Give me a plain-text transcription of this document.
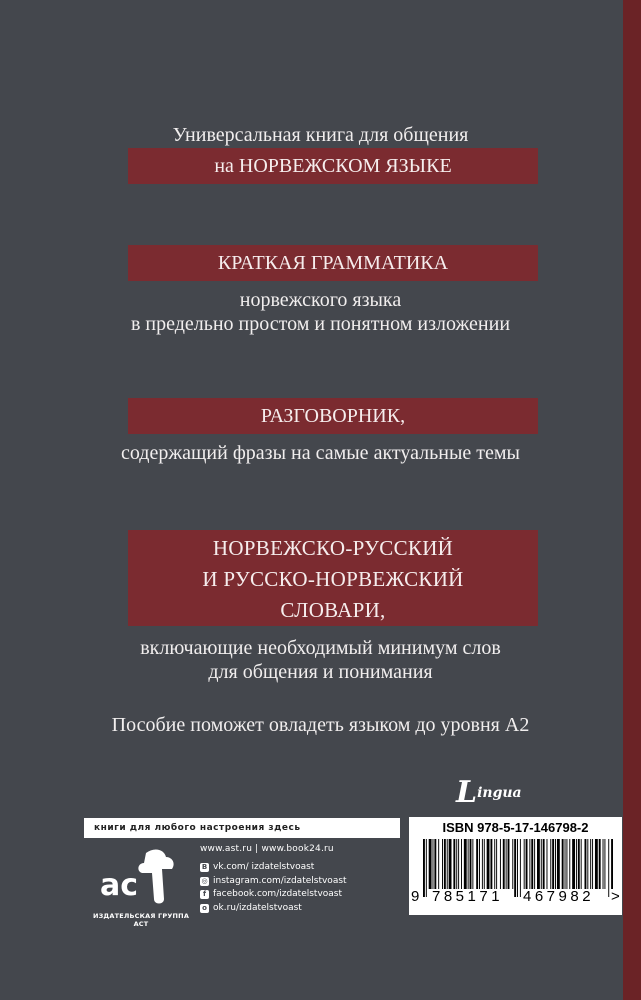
Универсальная книга для общения
на НОРВЕЖСКОМ ЯЗЫКЕ
КРАТКАЯ ГРАММАТИКА
норвежского языка
в предельно простом и понятном изложении
РАЗГОВОРНИК,
содержащий фразы на самые актуальные темы
НОРВЕЖСКО-РУССКИЙ
И РУССКО-НОРВЕЖСКИЙ
СЛОВАРИ,
включающие необходимый минимум слов
для общения и понимания
Пособие поможет овладеть языком до уровня А2
Lingua
книги для любого настроения здесь
ac
ИЗДАТЕЛЬСКАЯ ГРУППА АСТ
www.ast.ru | www.book24.ru
B vk.com/ izdatelstvoast
◎ instagram.com/izdatelstvoast
f facebook.com/izdatelstvoast
o ok.ru/izdatelstvoast
ISBN 978-5-17-146798-2
9 785171 467982 >
